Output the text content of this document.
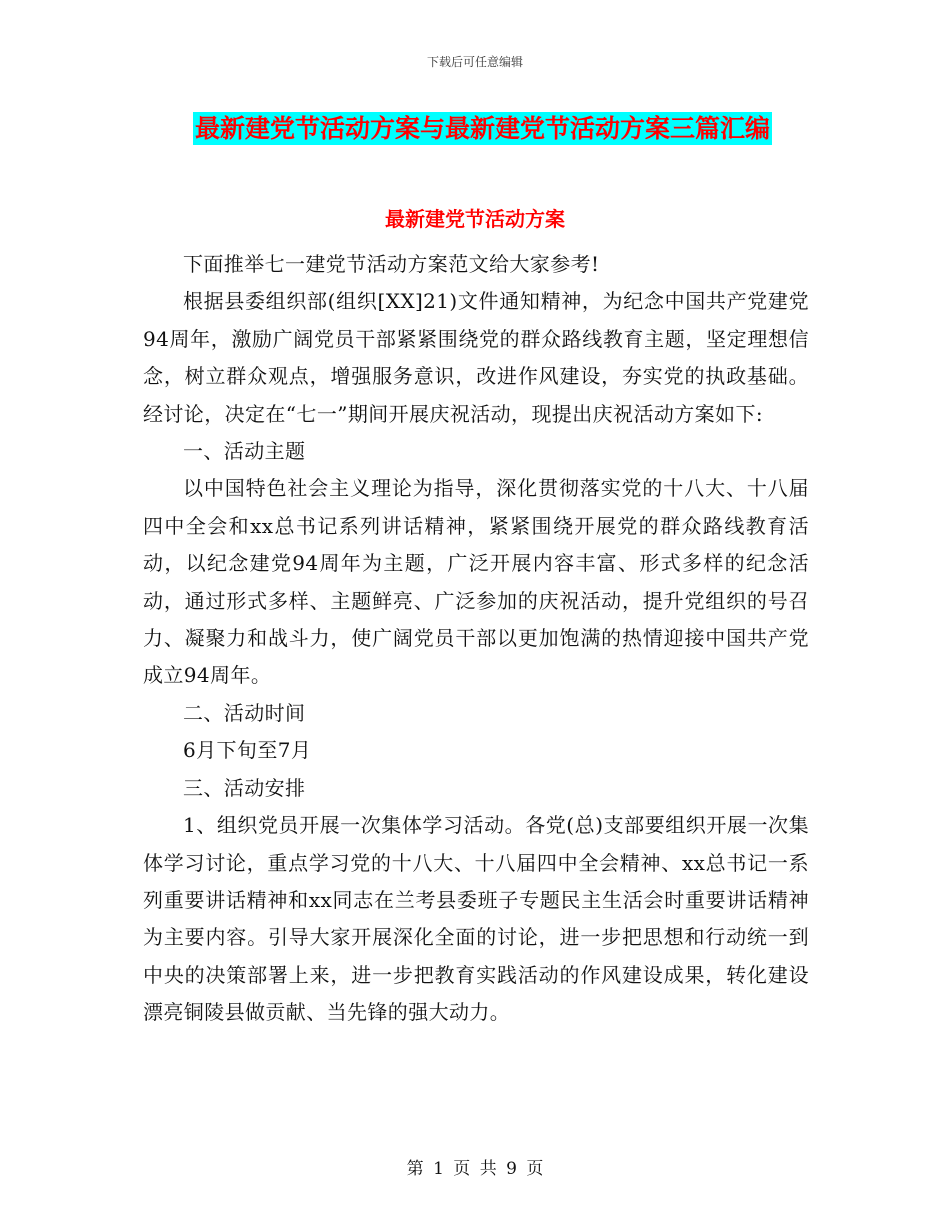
下载后可任意编辑
最新建党节活动方案与最新建党节活动方案三篇汇编
最新建党节活动方案

下面推举七一建党节活动方案范文给大家参考!

根据县委组织部(组织[XX]21)文件通知精神，为纪念中国共产党建党94周年，激励广阔党员干部紧紧围绕党的群众路线教育主题，坚定理想信念，树立群众观点，增强服务意识，改进作风建设，夯实党的执政基础。经讨论，决定在“七一”期间开展庆祝活动，现提出庆祝活动方案如下:

一、活动主题

以中国特色社会主义理论为指导，深化贯彻落实党的十八大、十八届四中全会和xx总书记系列讲话精神，紧紧围绕开展党的群众路线教育活动，以纪念建党94周年为主题，广泛开展内容丰富、形式多样的纪念活动，通过形式多样、主题鲜亮、广泛参加的庆祝活动，提升党组织的号召力、凝聚力和战斗力，使广阔党员干部以更加饱满的热情迎接中国共产党成立94周年。

二、活动时间

6月下旬至7月

三、活动安排

1、组织党员开展一次集体学习活动。各党(总)支部要组织开展一次集体学习讨论，重点学习党的十八大、十八届四中全会精神、xx总书记一系列重要讲话精神和xx同志在兰考县委班子专题民主生活会时重要讲话精神为主要内容。引导大家开展深化全面的讨论，进一步把思想和行动统一到中央的决策部署上来，进一步把教育实践活动的作风建设成果，转化建设漂亮铜陵县做贡献、当先锋的强大动力。

第 1 页 共 9 页
